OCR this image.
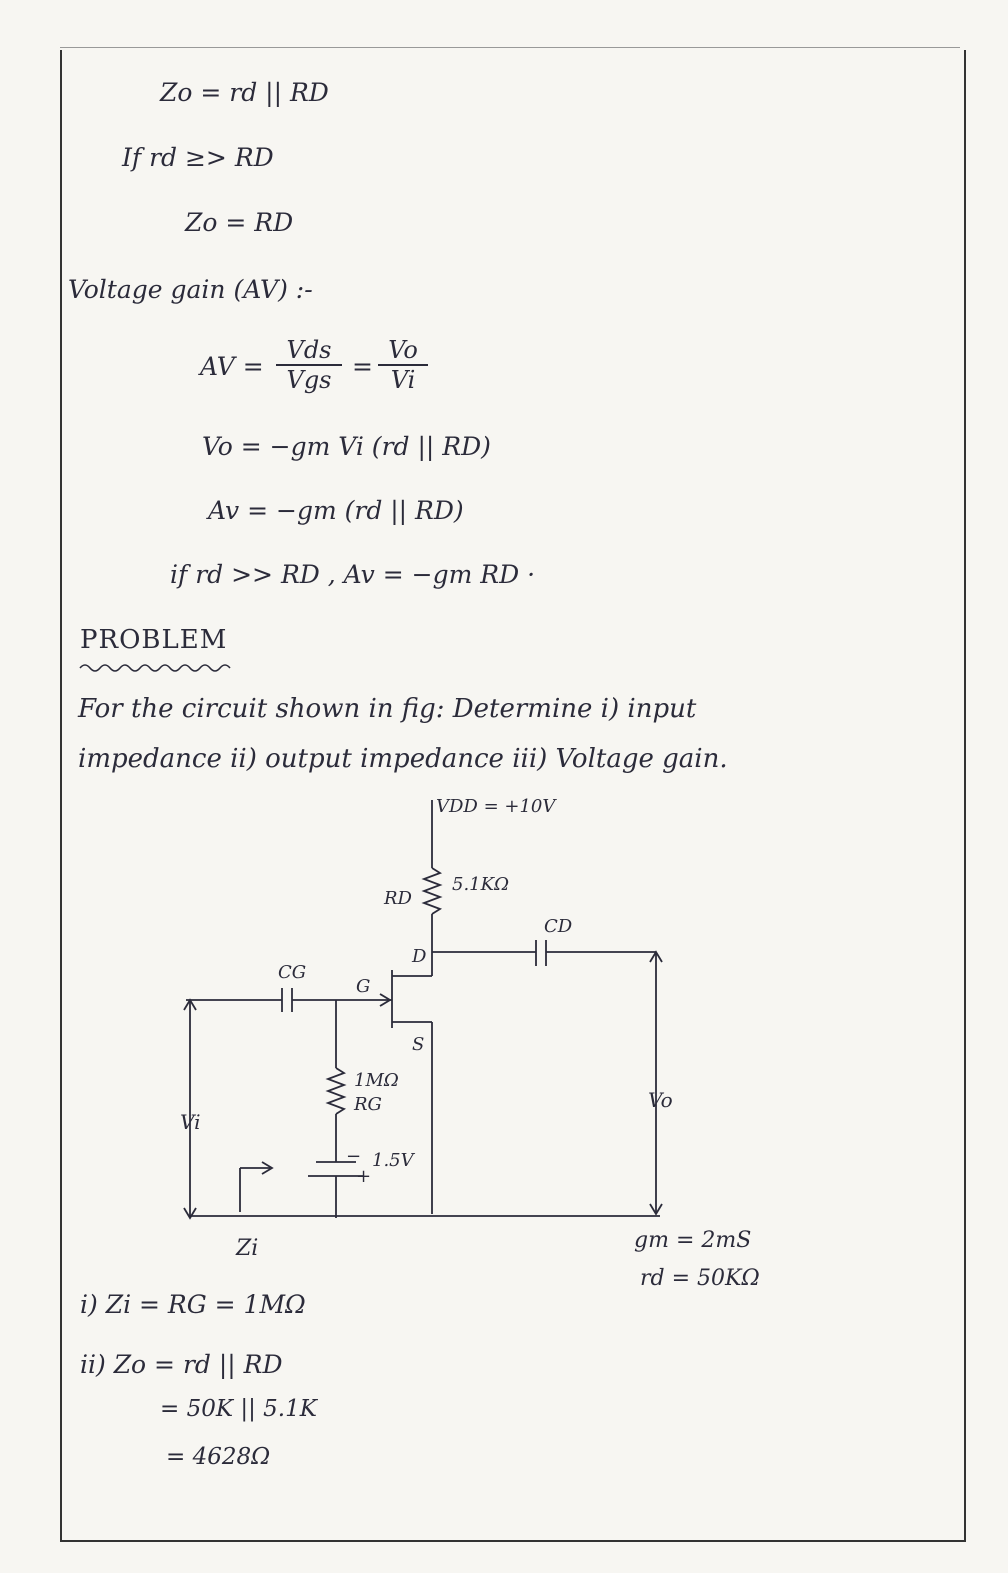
Zo = rd || RD
If rd ≥> RD
Zo = RD
Voltage gain (AV) :-
AV =
Vds
Vgs = $\frac{Vo}{Vi}$
Vo = −gm Vi (rd || RD)
Av = −gm (rd || RD)
if rd >> RD , Av = −gm RD ·
PROBLEM
For the circuit shown in fig: Determine i) input
impedance ii) output impedance iii) Voltage gain.
VDD = +10V
RD
5.1KΩ
CD
CG
D
G
S
1MΩ
RG
−
+
1.5V
Vi
Vo
Zi	gm = 2mS
rd = 50KΩ
i) Zi = RG = 1MΩ
ii) Zo = rd || RD
= 50K || 5.1K
= 4628Ω
